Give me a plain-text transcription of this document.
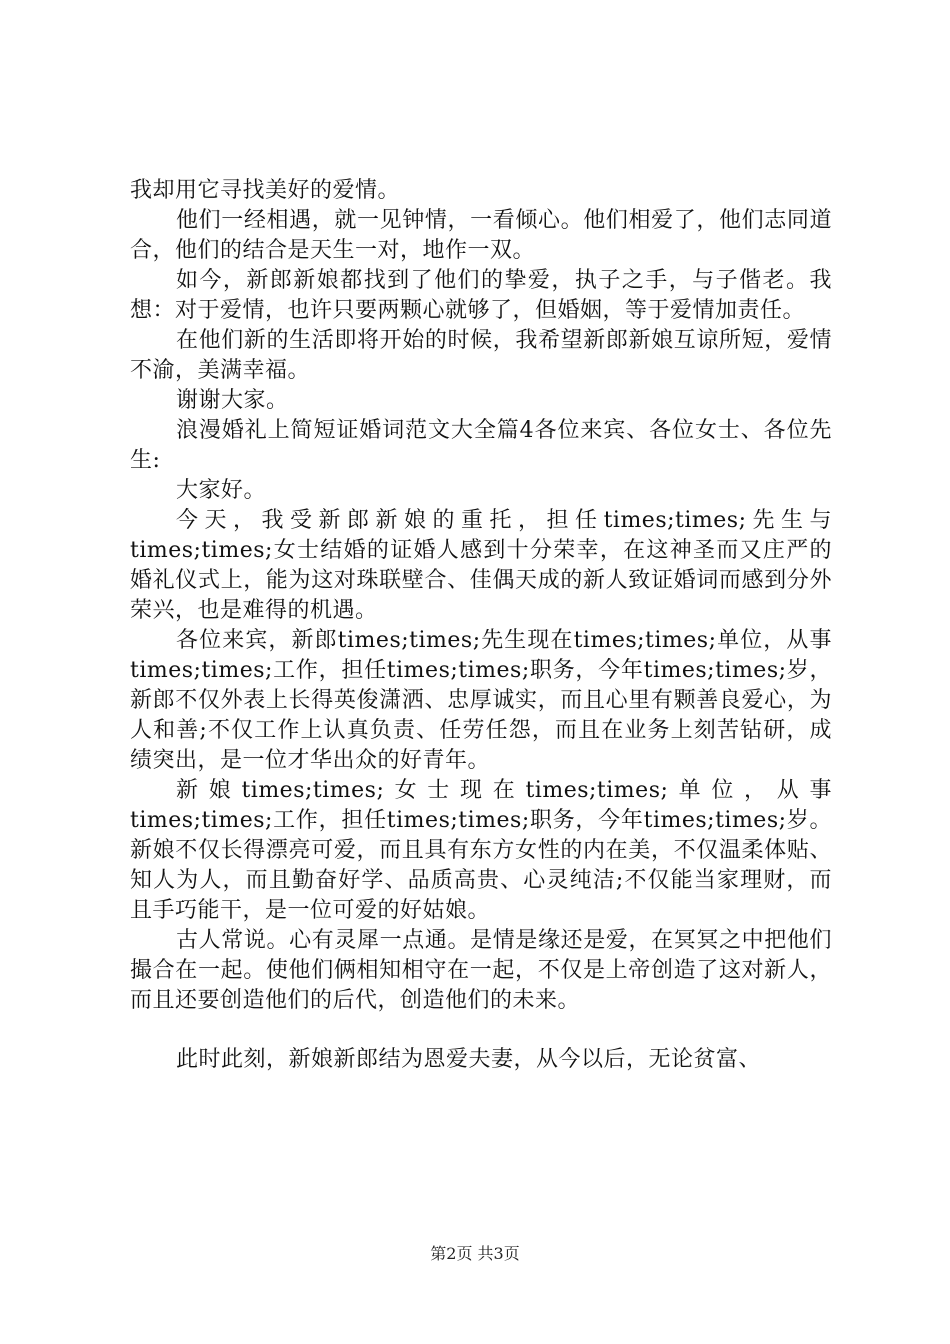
我却用它寻找美好的爱情。

他们一经相遇，就一见钟情，一看倾心。他们相爱了，他们志同道合，他们的结合是天生一对，地作一双。

如今，新郎新娘都找到了他们的挚爱，执子之手，与子偕老。我想：对于爱情，也许只要两颗心就够了，但婚姻，等于爱情加责任。

在他们新的生活即将开始的时候，我希望新郎新娘互谅所短，爱情不渝，美满幸福。

谢谢大家。

浪漫婚礼上简短证婚词范文大全篇4各位来宾、各位女士、各位先生:

大家好。

今天，我受新郎新娘的重托，担任times;times;先生与times;times;女士结婚的证婚人感到十分荣幸，在这神圣而又庄严的婚礼仪式上，能为这对珠联壁合、佳偶天成的新人致证婚词而感到分外荣兴，也是难得的机遇。

各位来宾，新郎times;times;先生现在times;times;单位，从事times;times;工作，担任times;times;职务，今年times;times;岁，新郎不仅外表上长得英俊潇洒、忠厚诚实，而且心里有颗善良爱心，为人和善;不仅工作上认真负责、任劳任怨，而且在业务上刻苦钻研，成绩突出，是一位才华出众的好青年。

新娘times;times;女士现在times;times;单位，从事times;times;工作，担任times;times;职务，今年times;times;岁。新娘不仅长得漂亮可爱，而且具有东方女性的内在美，不仅温柔体贴、知人为人，而且勤奋好学、品质高贵、心灵纯洁;不仅能当家理财，而且手巧能干，是一位可爱的好姑娘。

古人常说。心有灵犀一点通。是情是缘还是爱，在冥冥之中把他们撮合在一起。使他们俩相知相守在一起，不仅是上帝创造了这对新人，而且还要创造他们的后代，创造他们的未来。

此时此刻，新娘新郎结为恩爱夫妻，从今以后，无论贫富、

第2页 共3页
